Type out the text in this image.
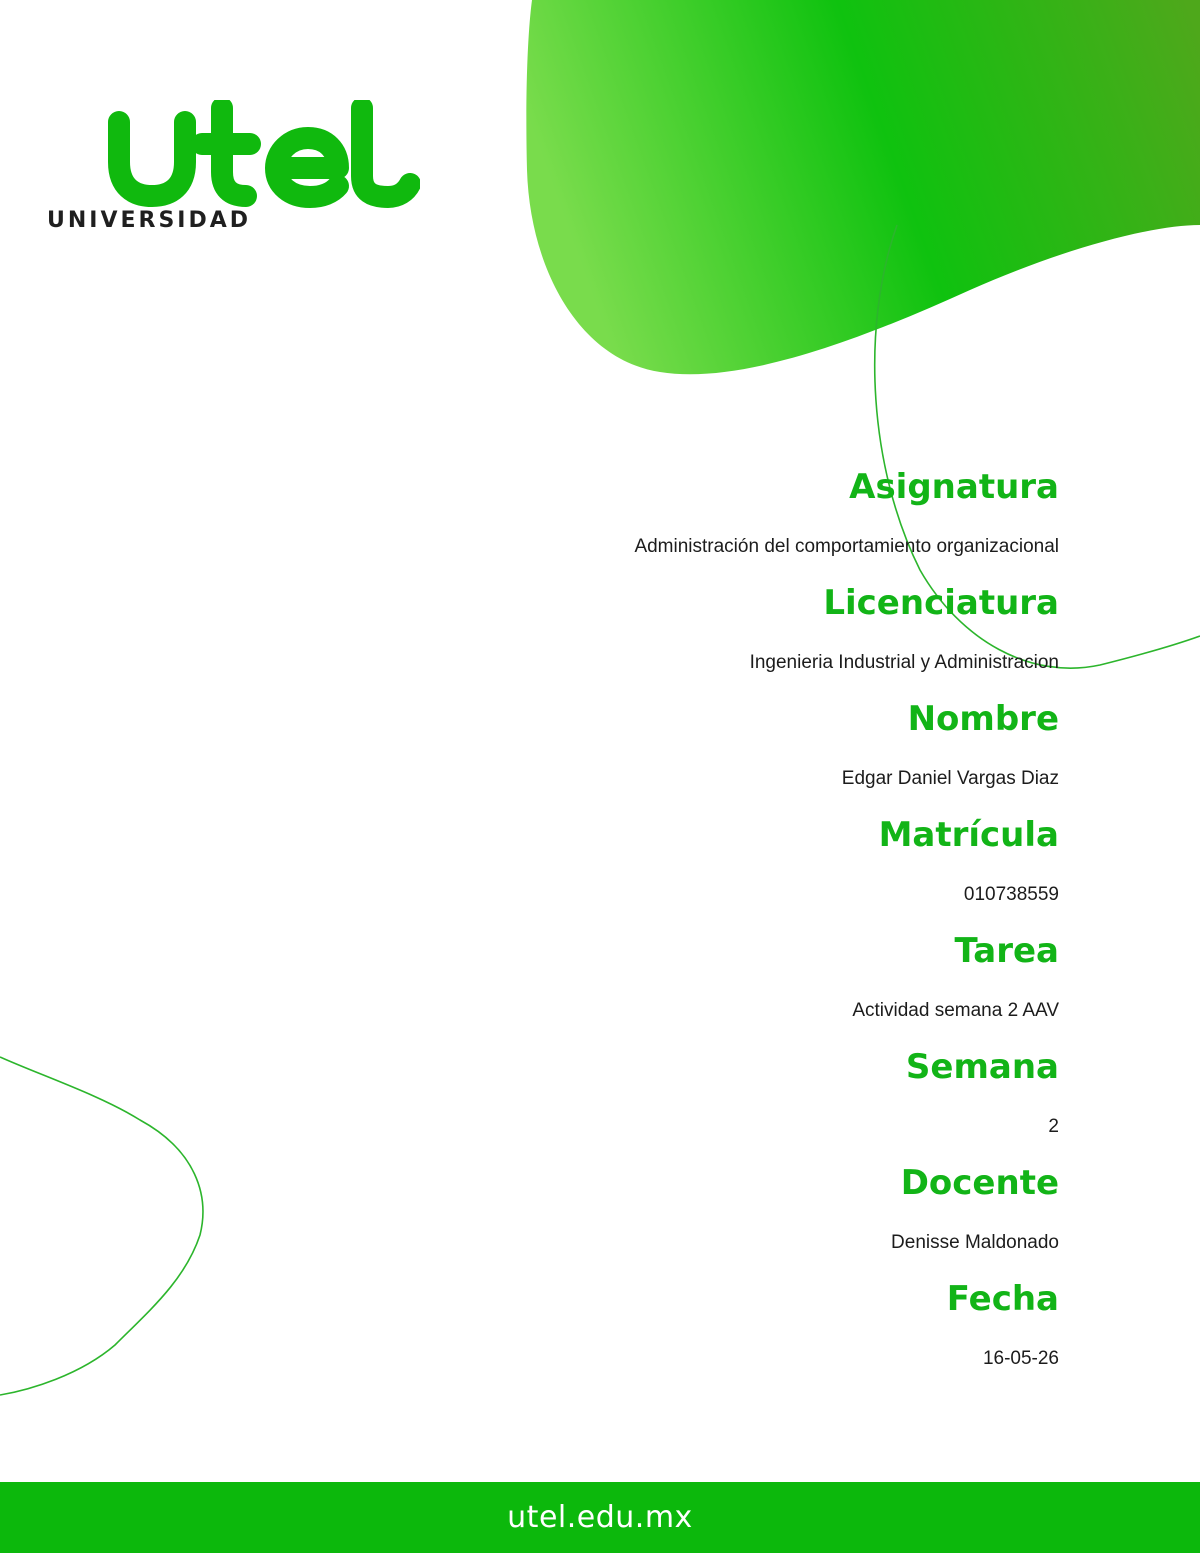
UNIVERSIDAD
Asignatura
Administración del comportamiento organizacional
Licenciatura
Ingenieria Industrial y Administracion
Nombre
Edgar Daniel Vargas Diaz
Matrícula
010738559
Tarea
Actividad semana 2 AAV
Semana
2
Docente
Denisse Maldonado
Fecha
16-05-26
utel.edu.mx
